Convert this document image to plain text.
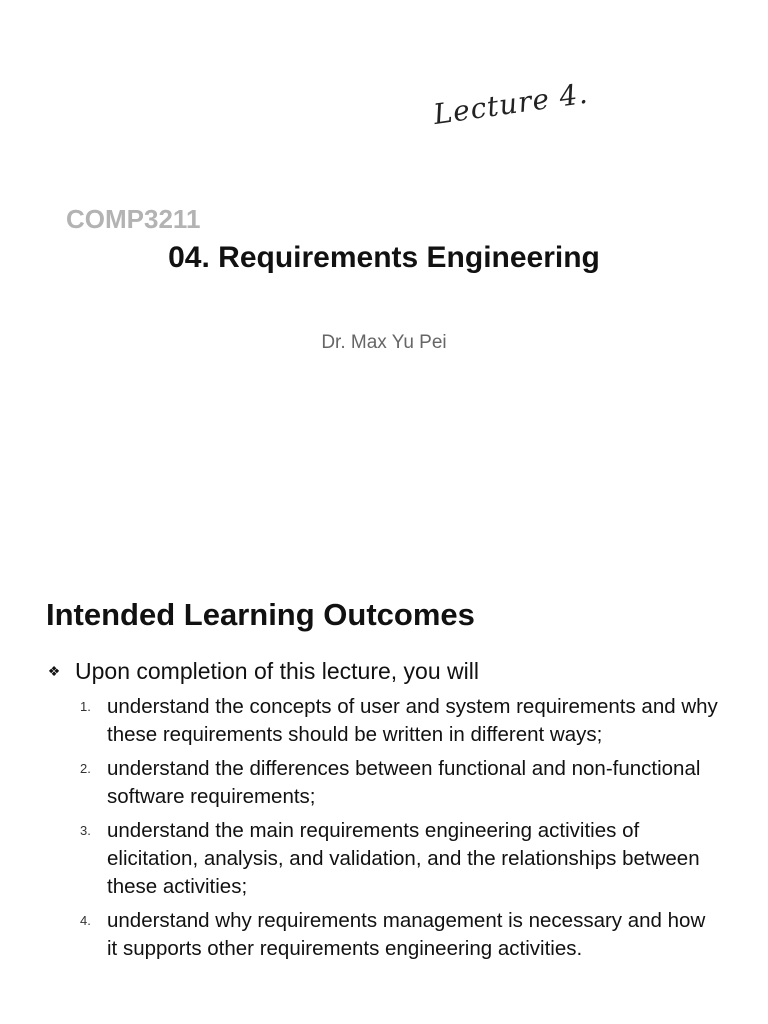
Lecture 4.
COMP3211
04. Requirements Engineering
Dr. Max Yu Pei
Intended Learning Outcomes
❖ Upon completion of this lecture, you will
1. understand the concepts of user and system requirements and why these requirements should be written in different ways;
2. understand the differences between functional and non-functional software requirements;
3. understand the main requirements engineering activities of elicitation, analysis, and validation, and the relationships between these activities;
4. understand why requirements management is necessary and how it supports other requirements engineering activities.
